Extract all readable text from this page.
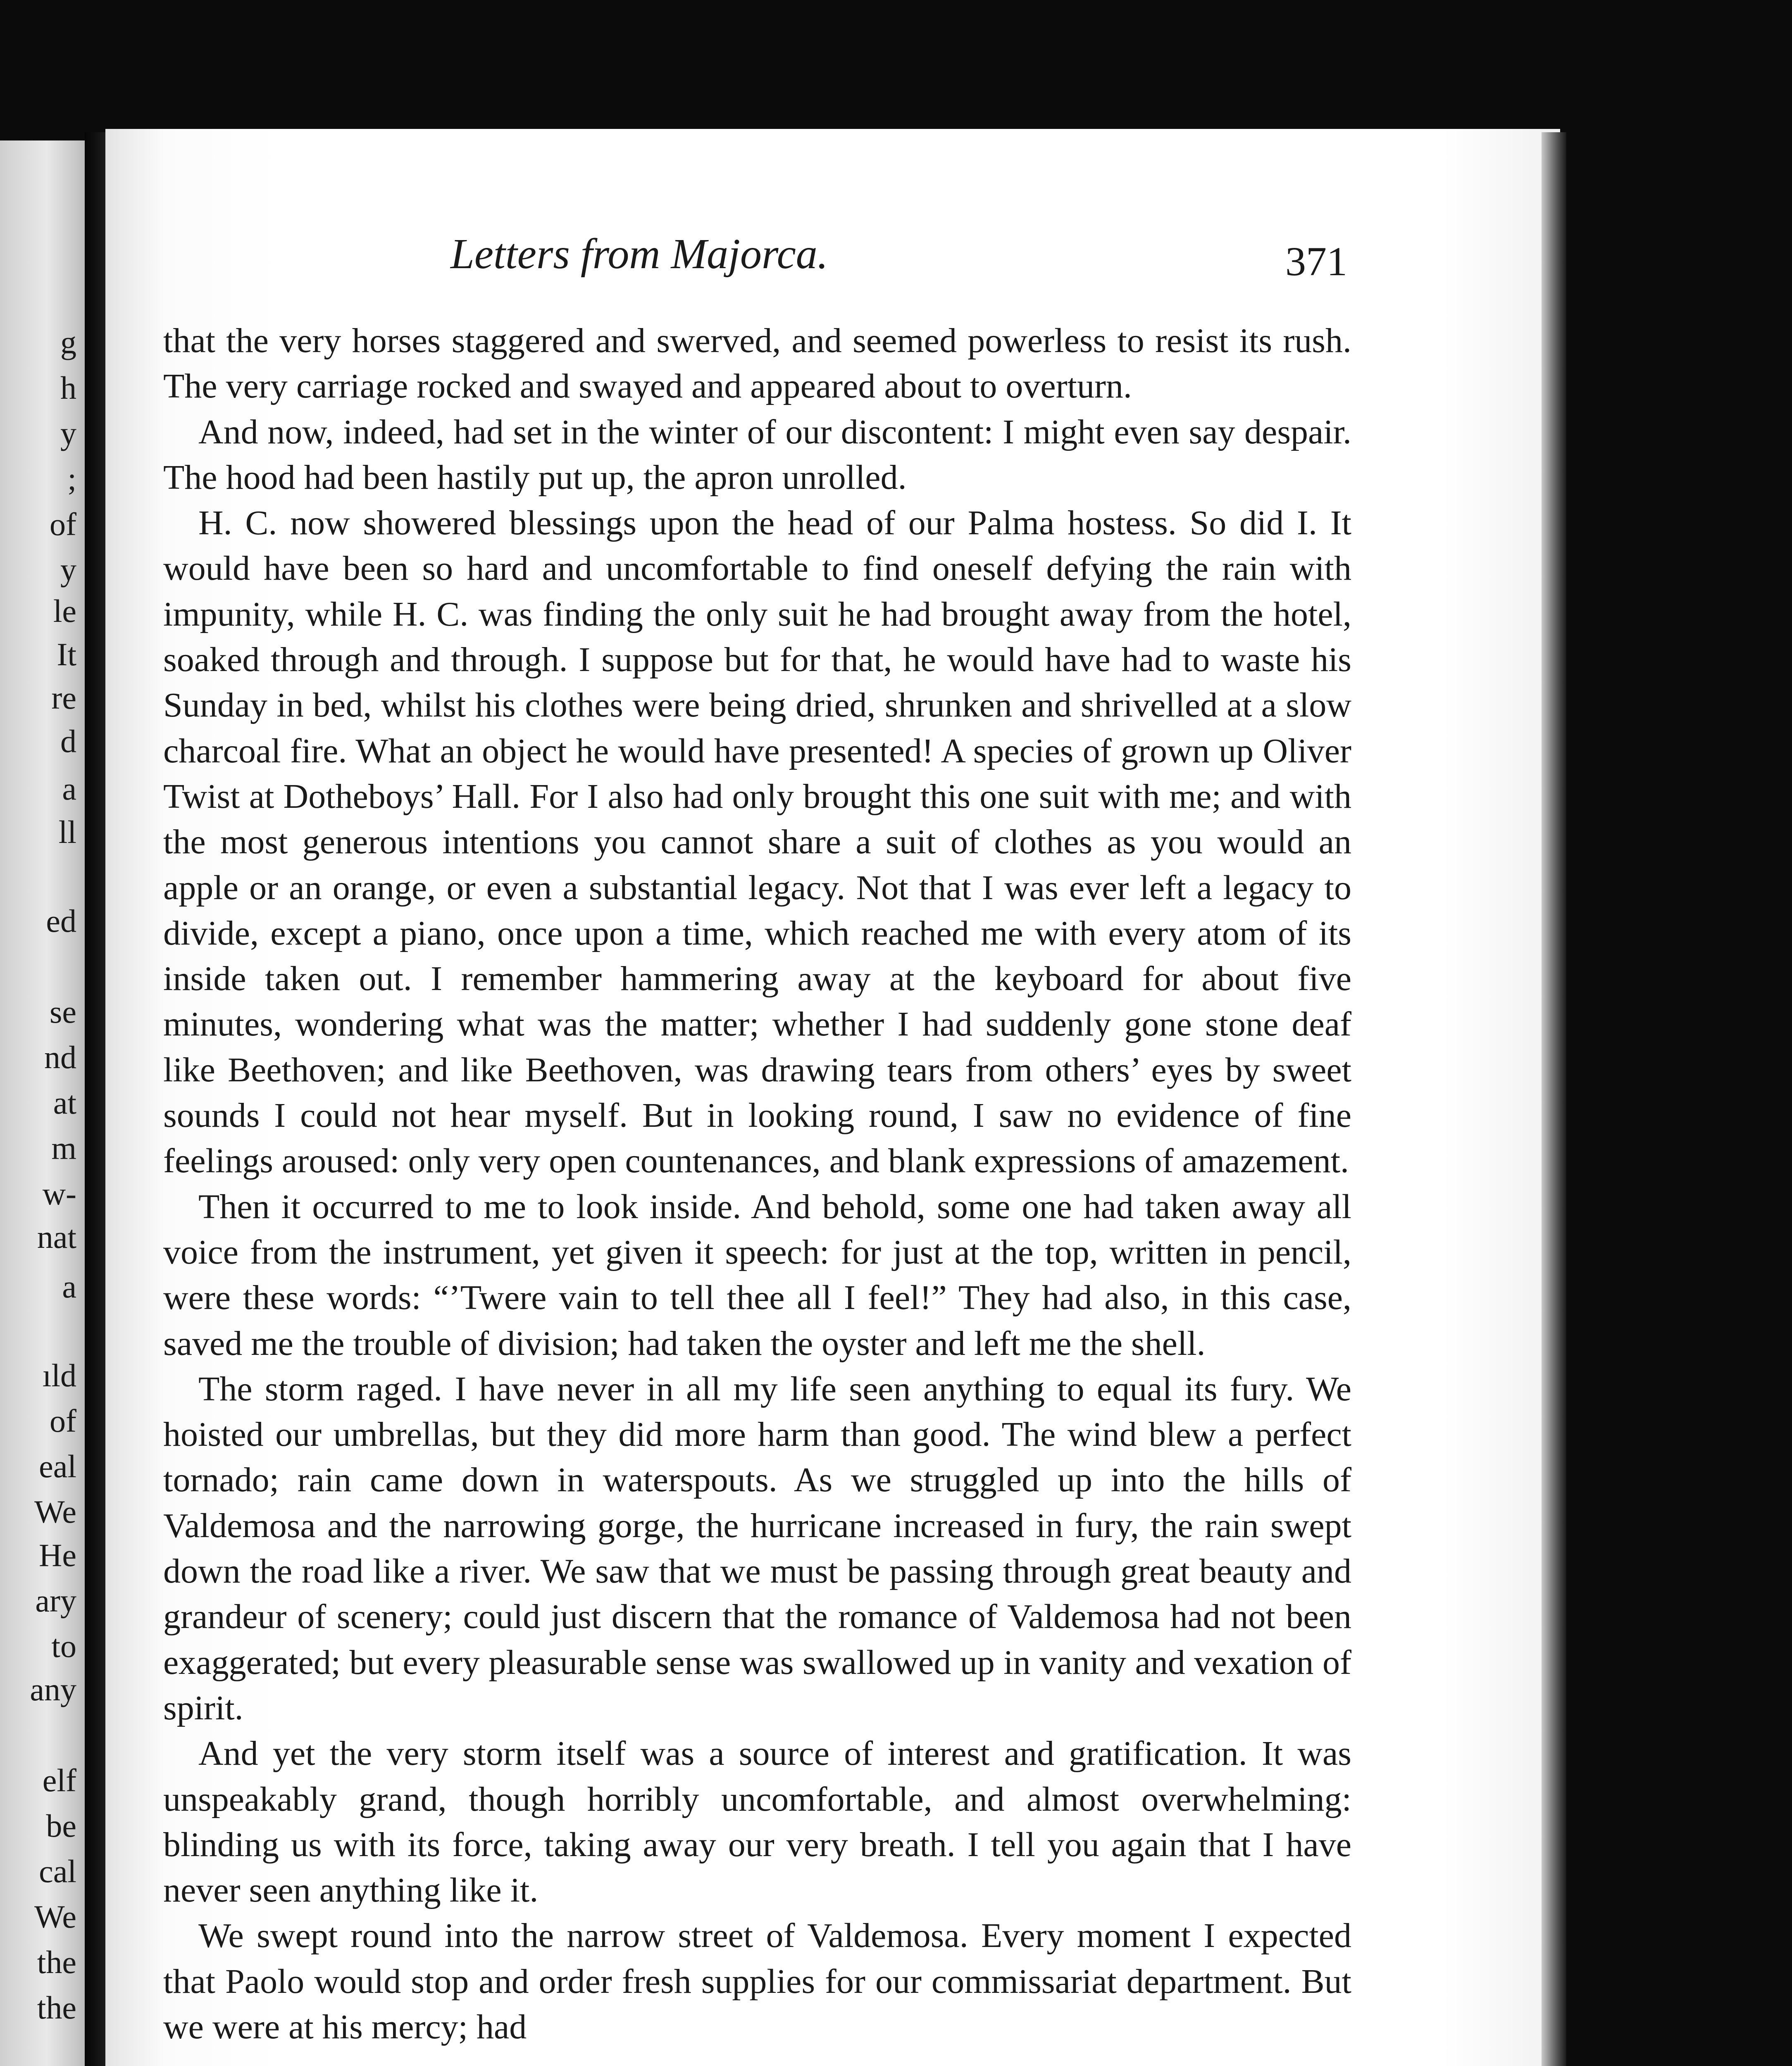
g

h

y

;

of

y

le

It

re

d

a

ll

ed

se

nd

at

m

w-

nat

a

ıld

of

eal

We

He

ary

to

any

elf

be

cal

We

the

the

Letters from Majorca.	371

that the very horses staggered and swerved, and seemed powerless to resist its rush. The very carriage rocked and swayed and appeared about to overturn.

And now, indeed, had set in the winter of our discontent: I might even say despair. The hood had been hastily put up, the apron unrolled.

H. C. now showered blessings upon the head of our Palma hostess. So did I. It would have been so hard and uncomfortable to find oneself defying the rain with impunity, while H. C. was finding the only suit he had brought away from the hotel, soaked through and through. I suppose but for that, he would have had to waste his Sunday in bed, whilst his clothes were being dried, shrunken and shrivelled at a slow charcoal fire. What an object he would have presented! A species of grown up Oliver Twist at Dotheboys’ Hall. For I also had only brought this one suit with me; and with the most generous intentions you cannot share a suit of clothes as you would an apple or an orange, or even a substantial legacy. Not that I was ever left a legacy to divide, except a piano, once upon a time, which reached me with every atom of its inside taken out. I remember hammering away at the keyboard for about five minutes, wondering what was the matter; whether I had suddenly gone stone deaf like Beethoven; and like Beethoven, was drawing tears from others’ eyes by sweet sounds I could not hear myself. But in looking round, I saw no evidence of fine feelings aroused: only very open countenances, and blank expressions of amazement.

Then it occurred to me to look inside. And behold, some one had taken away all voice from the instrument, yet given it speech: for just at the top, written in pencil, were these words: “’Twere vain to tell thee all I feel!” They had also, in this case, saved me the trouble of division; had taken the oyster and left me the shell.

The storm raged. I have never in all my life seen anything to equal its fury. We hoisted our umbrellas, but they did more harm than good. The wind blew a perfect tornado; rain came down in waterspouts. As we struggled up into the hills of Valdemosa and the narrowing gorge, the hurricane increased in fury, the rain swept down the road like a river. We saw that we must be passing through great beauty and grandeur of scenery; could just discern that the romance of Valdemosa had not been exaggerated; but every pleasurable sense was swallowed up in vanity and vexation of spirit.

And yet the very storm itself was a source of interest and gratification. It was unspeakably grand, though horribly uncomfortable, and almost overwhelming: blinding us with its force, taking away our very breath. I tell you again that I have never seen anything like it.

We swept round into the narrow street of Valdemosa. Every moment I expected that Paolo would stop and order fresh supplies for our commissariat department. But we were at his mercy; had
